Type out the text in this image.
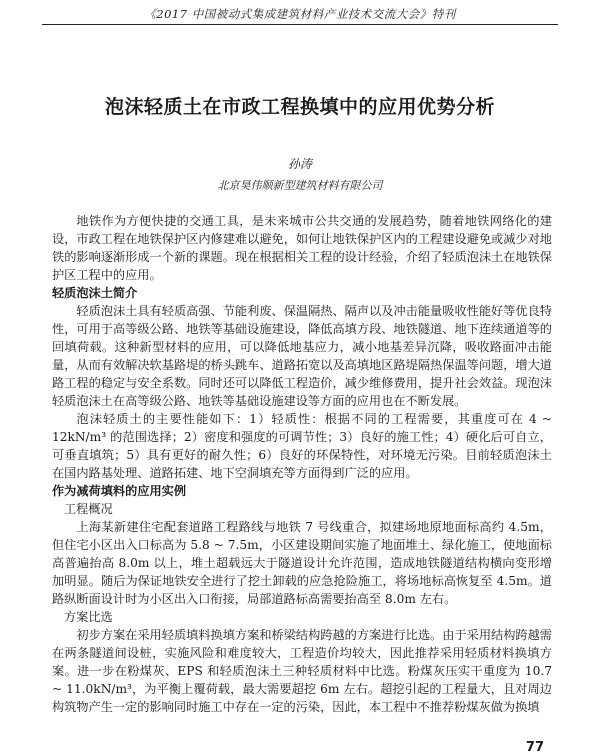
《2017 中国被动式集成建筑材料产业技术交流大会》特刊
泡沫轻质土在市政工程换填中的应用优势分析
孙涛
北京昊伟顺新型建筑材料有限公司

地铁作为方便快捷的交通工具，是未来城市公共交通的发展趋势，随着地铁网络化的建设，市政工程在地铁保护区内修建难以避免，如何让地铁保护区内的工程建设避免或减少对地铁的影响逐渐形成一个新的课题。现在根据相关工程的设计经验，介绍了轻质泡沫土在地铁保护区工程中的应用。

轻质泡沫土简介

轻质泡沫土具有轻质高强、节能利废、保温隔热、隔声以及冲击能量吸收性能好等优良特性，可用于高等级公路、地铁等基础设施建设，降低高填方段、地铁隧道、地下连续通道等的回填荷载。这种新型材料的应用，可以降低地基应力，减小地基差异沉降，吸收路面冲击能量，从而有效解决软基路堤的桥头跳车、道路拓宽以及高填地区路堤隔热保温等问题，增大道路工程的稳定与安全系数。同时还可以降低工程造价，减少维修费用，提升社会效益。现泡沫轻质泡沫土在高等级公路、地铁等基础设施建设等方面的应用也在不断发展。

泡沫轻质土的主要性能如下：1）轻质性：根据不同的工程需要，其重度可在 4 ~ 12kN/m³ 的范围选择；2）密度和强度的可调节性；3）良好的施工性；4）硬化后可自立，可垂直填筑；5）具有更好的耐久性；6）良好的环保特性，对环境无污染。目前轻质泡沫土在国内路基处理、道路拓建、地下空洞填充等方面得到广泛的应用。

作为减荷填料的应用实例
工程概况

上海某新建住宅配套道路工程路线与地铁 7 号线重合，拟建场地原地面标高约 4.5m，但住宅小区出入口标高为 5.8 ~ 7.5m，小区建设期间实施了地面堆土、绿化施工，使地面标高普遍抬高 8.0m 以上，堆土超载远大于隧道设计允许范围，造成地铁隧道结构横向变形增加明显。随后为保证地铁安全进行了挖土卸载的应急抢险施工，将场地标高恢复至 4.5m。道路纵断面设计时为小区出入口衔接，局部道路标高需要抬高至 8.0m 左右。

方案比选

初步方案在采用轻质填料换填方案和桥梁结构跨越的方案进行比选。由于采用结构跨越需在两条隧道间设桩，实施风险和难度较大，工程造价均较大，因此推荐采用轻质材料换填方案。进一步在粉煤灰、EPS 和轻质泡沫土三种轻质材料中比选。粉煤灰压实干重度为 10.7 ~ 11.0kN/m³，为平衡上覆荷载，最大需要超挖 6m 左右。超挖引起的工程量大，且对周边构筑物产生一定的影响同时施工中存在一定的污染，因此，本工程中不推荐粉煤灰做为换填

77
